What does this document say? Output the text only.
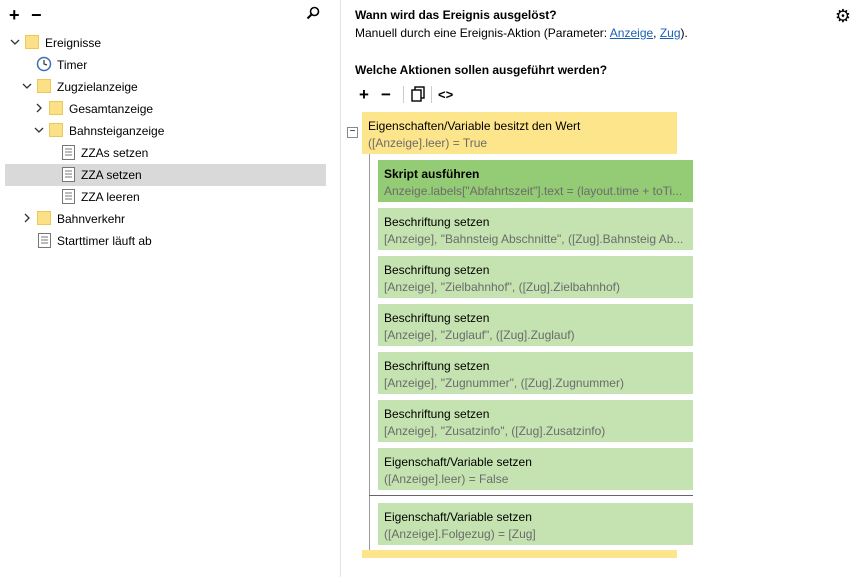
+ −
Ereignisse
Timer
Zugzielanzeige
Gesamtanzeige
Bahnsteiganzeige
ZZAs setzen
ZZA setzen
ZZA leeren
Bahnverkehr
Starttimer läuft ab
Wann wird das Ereignis ausgelöst?
Manuell durch eine Ereignis-Aktion (Parameter: Anzeige, Zug).
⚙
Welche Aktionen sollen ausgeführt werden?
+ −	<>
− Eigenschaften/Variable besitzt den Wert
([Anzeige].leer) = True
Skript ausführen
Anzeige.labels["Abfahrtszeit"].text = (layout.time + toTi...
Beschriftung setzen
[Anzeige], "Bahnsteig Abschnitte", ([Zug].Bahnsteig Ab...
Beschriftung setzen
[Anzeige], "Zielbahnhof", ([Zug].Zielbahnhof)
Beschriftung setzen
[Anzeige], "Zuglauf", ([Zug].Zuglauf)
Beschriftung setzen
[Anzeige], "Zugnummer", ([Zug].Zugnummer)
Beschriftung setzen
[Anzeige], "Zusatzinfo", ([Zug].Zusatzinfo)
Eigenschaft/Variable setzen
([Anzeige].leer) = False
Eigenschaft/Variable setzen
([Anzeige].Folgezug) = [Zug]
